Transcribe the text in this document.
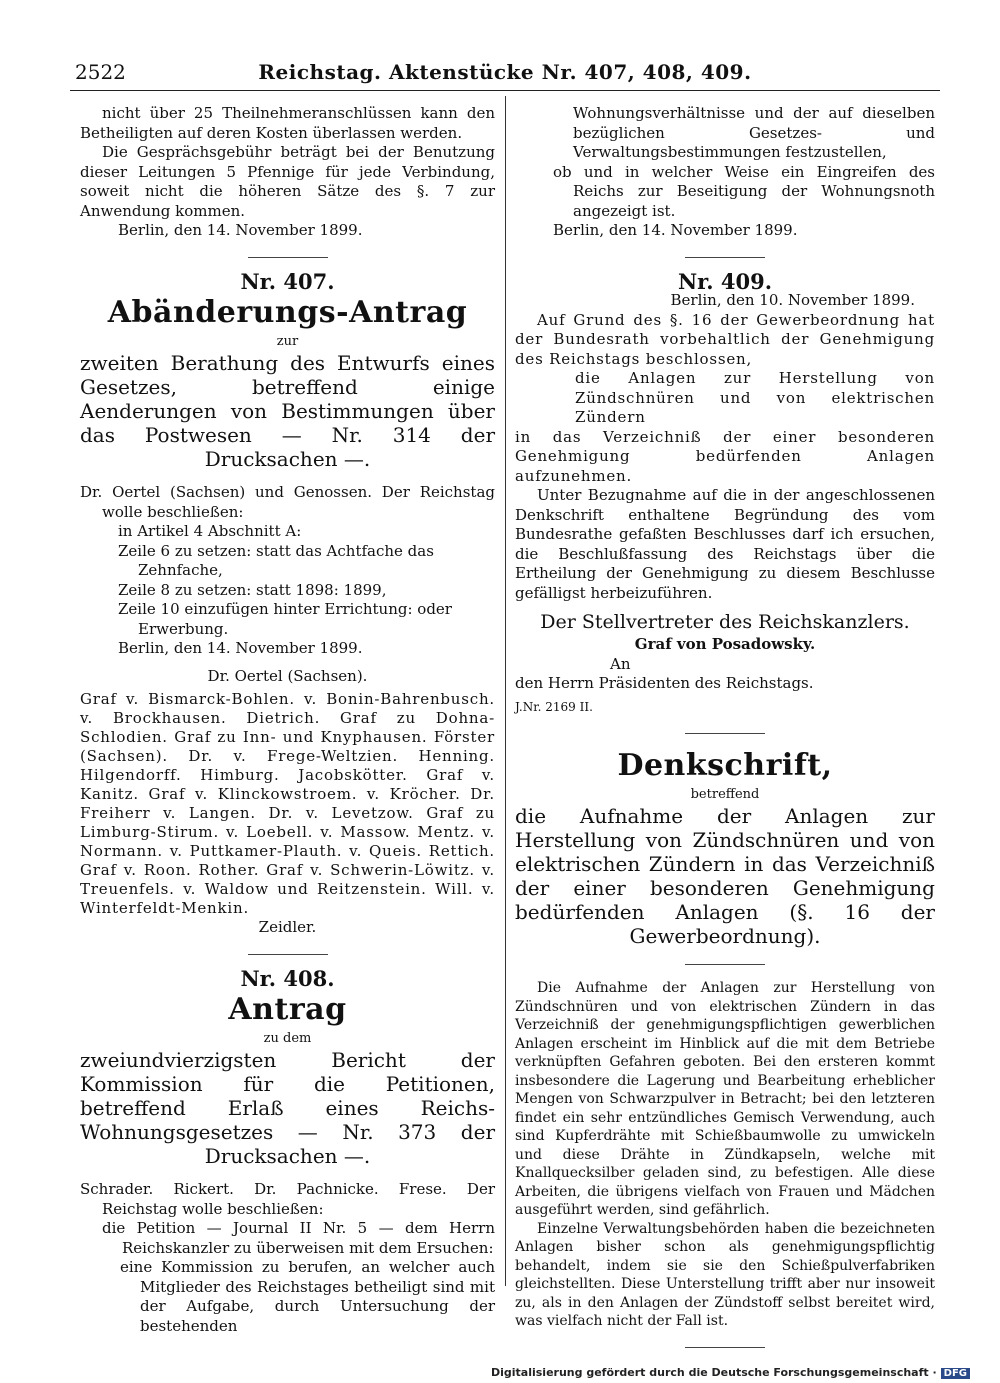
2522	Reichstag. Aktenstücke Nr. 407, 408, 409.

nicht über 25 Theilnehmeranschlüssen kann den Betheiligten auf deren Kosten überlassen werden.

Die Gesprächsgebühr beträgt bei der Benutzung dieser Leitungen 5 Pfennige für jede Verbindung, soweit nicht die höheren Sätze des §. 7 zur Anwendung kommen.

Berlin, den 14. November 1899.

Nr. 407.
Abänderungs-Antrag
zur

zweiten Berathung des Entwurfs eines Gesetzes, betreffend einige Aenderungen von Bestimmungen über das Postwesen — Nr. 314 der Drucksachen —.

Dr. Oertel (Sachsen) und Genossen. Der Reichstag wolle beschließen:

in Artikel 4 Abschnitt A:

Zeile 6 zu setzen: statt das Achtfache das Zehnfache,

Zeile 8 zu setzen: statt 1898: 1899,

Zeile 10 einzufügen hinter Errichtung: oder Erwerbung.

Berlin, den 14. November 1899.

Dr. Oertel (Sachsen).

Graf v. Bismarck-Bohlen. v. Bonin-Bahrenbusch. v. Brockhausen. Dietrich. Graf zu Dohna-Schlodien. Graf zu Inn- und Knyphausen. Förster (Sachsen). Dr. v. Frege-Weltzien. Henning. Hilgendorff. Himburg. Jacobskötter. Graf v. Kanitz. Graf v. Klinckowstroem. v. Kröcher. Dr. Freiherr v. Langen. Dr. v. Levetzow. Graf zu Limburg-Stirum. v. Loebell. v. Massow. Mentz. v. Normann. v. Puttkamer-Plauth. v. Queis. Rettich. Graf v. Roon. Rother. Graf v. Schwerin-Löwitz. v. Treuenfels. v. Waldow und Reitzenstein. Will. v. Winterfeldt-Menkin.

Zeidler.

Nr. 408.
Antrag
zu dem

zweiundvierzigsten Bericht der Kommission für die Petitionen, betreffend Erlaß eines Reichs-Wohnungsgesetzes — Nr. 373 der Drucksachen —.

Schrader. Rickert. Dr. Pachnicke. Frese. Der Reichstag wolle beschließen:

die Petition — Journal II Nr. 5 — dem Herrn Reichskanzler zu überweisen mit dem Ersuchen:

eine Kommission zu berufen, an welcher auch Mitglieder des Reichstages betheiligt sind mit der Aufgabe, durch Untersuchung der bestehenden

Wohnungsverhältnisse und der auf dieselben bezüglichen Gesetzes- und Verwaltungsbestimmungen festzustellen,

ob und in welcher Weise ein Eingreifen des Reichs zur Beseitigung der Wohnungsnoth angezeigt ist.

Berlin, den 14. November 1899.

Nr. 409.

Berlin, den 10. November 1899.

Auf Grund des §. 16 der Gewerbeordnung hat der Bundesrath vorbehaltlich der Genehmigung des Reichstags beschlossen,

die Anlagen zur Herstellung von Zündschnüren und von elektrischen Zündern

in das Verzeichniß der einer besonderen Genehmigung bedürfenden Anlagen aufzunehmen.

Unter Bezugnahme auf die in der angeschlossenen Denkschrift enthaltene Begründung des vom Bundesrathe gefaßten Beschlusses darf ich ersuchen, die Beschlußfassung des Reichstags über die Ertheilung der Genehmigung zu diesem Beschlusse gefälligst herbeizuführen.

Der Stellvertreter des Reichskanzlers.

Graf von Posadowsky.

An

den Herrn Präsidenten des Reichstags.

J.Nr. 2169 II.

Denkschrift,
betreffend

die Aufnahme der Anlagen zur Herstellung von Zündschnüren und von elektrischen Zündern in das Verzeichniß der einer besonderen Genehmigung bedürfenden Anlagen (§. 16 der Gewerbeordnung).

Die Aufnahme der Anlagen zur Herstellung von Zündschnüren und von elektrischen Zündern in das Verzeichniß der genehmigungspflichtigen gewerblichen Anlagen erscheint im Hinblick auf die mit dem Betriebe verknüpften Gefahren geboten. Bei den ersteren kommt insbesondere die Lagerung und Bearbeitung erheblicher Mengen von Schwarzpulver in Betracht; bei den letzteren findet ein sehr entzündliches Gemisch Verwendung, auch sind Kupferdrähte mit Schießbaumwolle zu umwickeln und diese Drähte in Zündkapseln, welche mit Knallquecksilber geladen sind, zu befestigen. Alle diese Arbeiten, die übrigens vielfach von Frauen und Mädchen ausgeführt werden, sind gefährlich.

Einzelne Verwaltungsbehörden haben die bezeichneten Anlagen bisher schon als genehmigungspflichtig behandelt, indem sie sie den Schießpulverfabriken gleichstellten. Diese Unterstellung trifft aber nur insoweit zu, als in den Anlagen der Zündstoff selbst bereitet wird, was vielfach nicht der Fall ist.

Digitalisierung gefördert durch die Deutsche Forschungsgemeinschaft · DFG
